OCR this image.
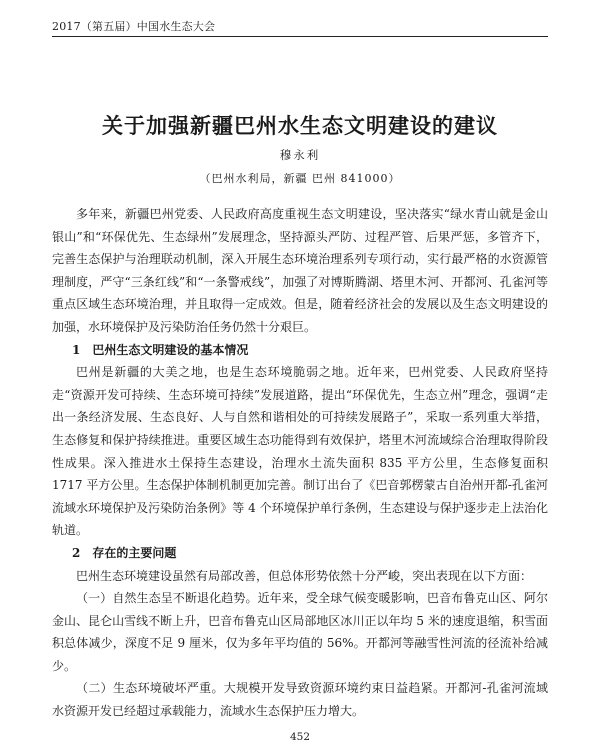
2017（第五届）中国水生态大会
关于加强新疆巴州水生态文明建设的建议
穆永利
（巴州水利局，新疆 巴州 841000）

多年来，新疆巴州党委、人民政府高度重视生态文明建设，坚决落实“绿水青山就是金山银山”和“环保优先、生态绿州”发展理念，坚持源头严防、过程严管、后果严惩，多管齐下，完善生态保护与治理联动机制，深入开展生态环境治理系列专项行动，实行最严格的水资源管理制度，严守“三条红线”和“一条警戒线”，加强了对博斯腾湖、塔里木河、开都河、孔雀河等重点区域生态环境治理，并且取得一定成效。但是，随着经济社会的发展以及生态文明建设的加强，水环境保护及污染防治任务仍然十分艰巨。

1　巴州生态文明建设的基本情况

巴州是新疆的大美之地，也是生态环境脆弱之地。近年来，巴州党委、人民政府坚持走“资源开发可持续、生态环境可持续”发展道路，提出“环保优先，生态立州”理念，强调“走出一条经济发展、生态良好、人与自然和谐相处的可持续发展路子”，采取一系列重大举措，生态修复和保护持续推进。重要区域生态功能得到有效保护，塔里木河流域综合治理取得阶段性成果。深入推进水土保持生态建设，治理水土流失面积 835 平方公里，生态修复面积 1717 平方公里。生态保护体制机制更加完善。制订出台了《巴音郭楞蒙古自治州开都-孔雀河流域水环境保护及污染防治条例》等 4 个环境保护单行条例，生态建设与保护逐步走上法治化轨道。

2　存在的主要问题

巴州生态环境建设虽然有局部改善，但总体形势依然十分严峻，突出表现在以下方面：

（一）自然生态呈不断退化趋势。近年来，受全球气候变暖影响，巴音布鲁克山区、阿尔金山、昆仑山雪线不断上升，巴音布鲁克山区局部地区冰川正以年均 5 米的速度退缩，积雪面积总体减少，深度不足 9 厘米，仅为多年平均值的 56%。开都河等融雪性河流的径流补给减少。

（二）生态环境破坏严重。大规模开发导致资源环境约束日益趋紧。开都河-孔雀河流域水资源开发已经超过承载能力，流域水生态保护压力增大。

452
